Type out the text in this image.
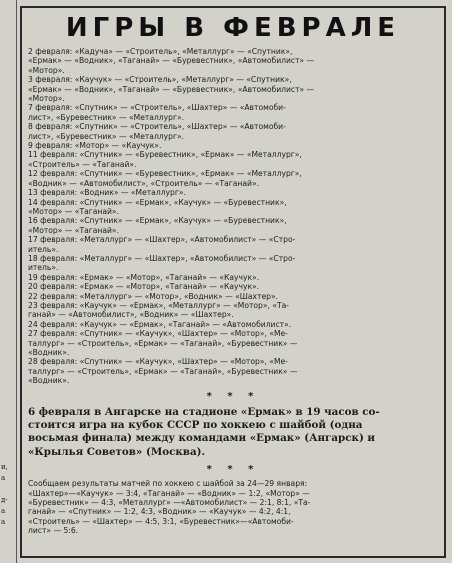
и,
а
д-
а
а
ИГРЫ В ФЕВРАЛЕ
2 февраля: «Кадуча» — «Строитель», «Металлург» — «Спутник»,
«Ермак» — «Водник», «Таганай» — «Буревестник», «Автомобилист» —
«Мотор».
3 февраля: «Каучук» — «Строитель», «Металлург» — «Спутник»,
«Ермак» — «Водник», «Таганай» — «Буревестник», «Автомобилист» —
«Мотор».
7 февраля: «Спутник» — «Строитель», «Шахтер» — «Автомоби-
лист», «Буревестник» — «Металлург».
8 февраля: «Спутник» — «Строитель», «Шахтер» — «Автомоби-
лист», «Буревестник» — «Металлург».
9 февраля: «Мотор» — «Каучук».
11 февраля: «Спутник» — «Буревестник», «Ермак» — «Металлург»,
«Строитель» — «Таганай».
12 февраля: «Спутник» — «Буревестник», «Ермак» — «Металлург»,
«Водник» — «Автомобилист», «Строитель» — «Таганай».
13 февраля: «Водник» — «Металлург».
14 февраля: «Спутник» — «Ермак», «Каучук» — «Буревестник»,
«Мотор» — «Таганай».
16 февраля: «Спутник» — «Ермак», «Каучук» — «Буревестник»,
«Мотор» — «Таганай».
17 февраля: «Металлург» — «Шахтер», «Автомобилист» — «Стро-
итель».
18 февраля: «Металлург» — «Шахтер», «Автомобилист» — «Стро-
итель».
19 февраля: «Ермак» — «Мотор», «Таганай» — «Каучук».
20 февраля: «Ермак» — «Мотор», «Таганай» — «Каучук».
22 февраля: «Металлург» — «Мотор», «Водник» — «Шахтер».
23 февраля: «Каучук» — «Ермак», «Металлург» — «Мотор», «Та-
ганай» — «Автомобилист», «Водник» — «Шахтер».
24 февраля: «Каучук» — «Ермак», «Таганай» — «Автомобилист».
27 февраля: «Спутник» — «Каучук», «Шахтер» — «Мотор», «Ме-
таллург» — «Строитель», «Ермак» — «Таганай», «Буревестник» —
«Водник».
28 февраля: «Спутник» — «Каучук», «Шахтер» — «Мотор», «Ме-
таллург» — «Строитель», «Ермак» — «Таганай», «Буревестник» —
«Водник».
* * *
6 февраля в Ангарске на стадионе «Ермак» в 19 часов со-
стоится игра на кубок СССР по хоккею с шайбой (одна
восьмая финала) между командами «Ермак» (Ангарск) и
«Крылья Советов» (Москва).
* * *
Сообщаем результаты матчей по хоккею с шайбой за 24—29 января:
«Шахтер»—«Каучук» — 3:4, «Таганай» — «Водник» — 1:2, «Мотор» —
«Буревестник» — 4:3, «Металлург» —«Автомобилист» — 2:1, 8:1, «Та-
ганай» — «Спутник» — 1:2, 4:3, «Водник» — «Каучук» — 4:2, 4:1,
«Строитель» — «Шахтер» — 4:5, 3:1, «Буревестник»—«Автомоби-
лист» — 5:6.
